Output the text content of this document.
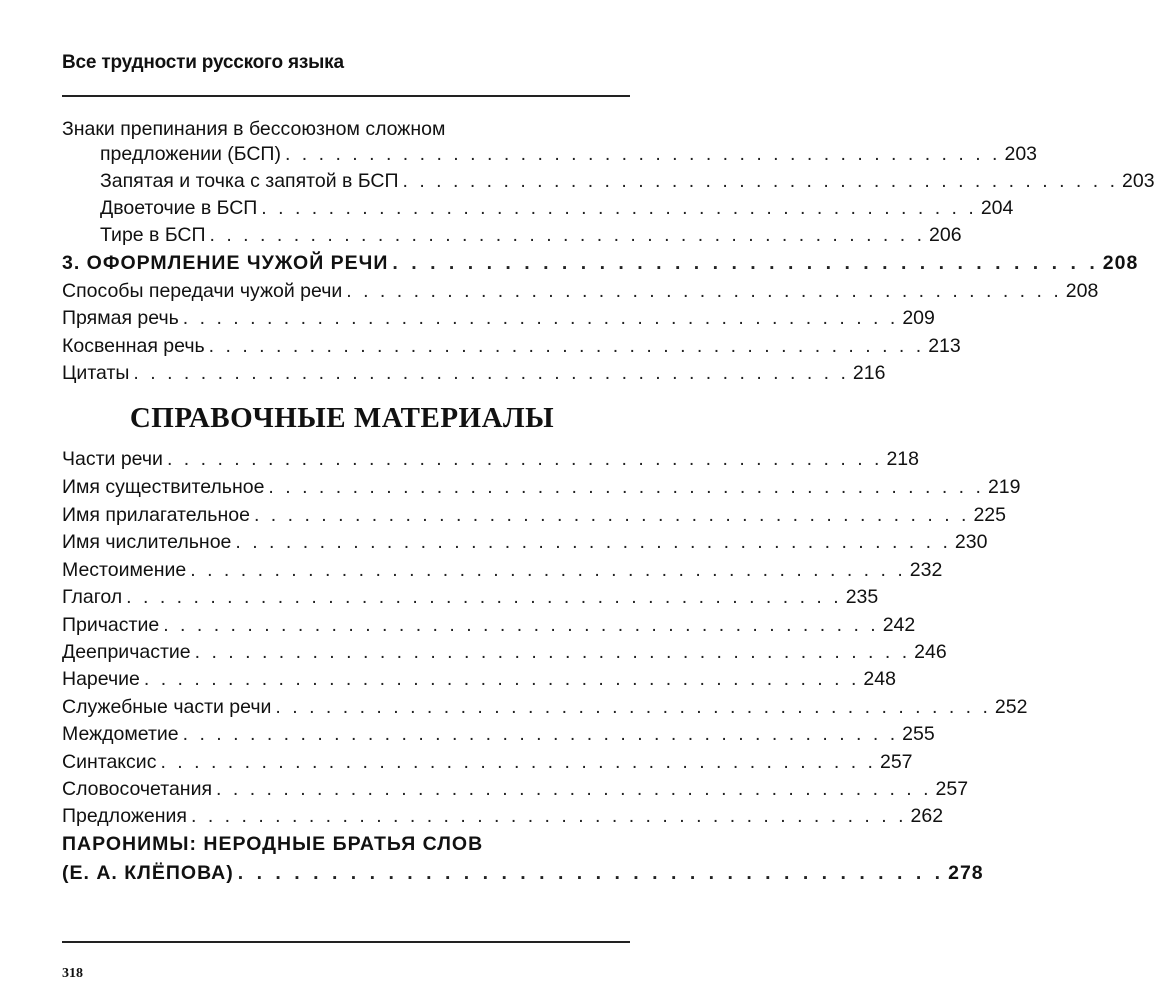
Все трудности русского языка
Знаки препинания в бессоюзном сложном
предложении (БСП) . . . . . . . . . . . . . . . . . . . . . . . . . . . . . . . . . . . . . . . . . . . 203
Запятая и точка с запятой в БСП . . . . . . . . . . . . . . . . . . . . . . . . . . . . . . . . . . . . . . . . . . . 203
Двоеточие в БСП . . . . . . . . . . . . . . . . . . . . . . . . . . . . . . . . . . . . . . . . . . . 204
Тире в БСП . . . . . . . . . . . . . . . . . . . . . . . . . . . . . . . . . . . . . . . . . . . 206
3. ОФОРМЛЕНИЕ ЧУЖОЙ РЕЧИ . . . . . . . . . . . . . . . . . . . . . . . . . . . . . . . . . . . . . . 208
Способы передачи чужой речи . . . . . . . . . . . . . . . . . . . . . . . . . . . . . . . . . . . . . . . . . . . 208
Прямая речь . . . . . . . . . . . . . . . . . . . . . . . . . . . . . . . . . . . . . . . . . . . 209
Косвенная речь . . . . . . . . . . . . . . . . . . . . . . . . . . . . . . . . . . . . . . . . . . . 213
Цитаты . . . . . . . . . . . . . . . . . . . . . . . . . . . . . . . . . . . . . . . . . . . 216
Части речи . . . . . . . . . . . . . . . . . . . . . . . . . . . . . . . . . . . . . . . . . . . 218
Имя существительное . . . . . . . . . . . . . . . . . . . . . . . . . . . . . . . . . . . . . . . . . . . 219
Имя прилагательное . . . . . . . . . . . . . . . . . . . . . . . . . . . . . . . . . . . . . . . . . . . 225
Имя числительное . . . . . . . . . . . . . . . . . . . . . . . . . . . . . . . . . . . . . . . . . . . 230
Местоимение . . . . . . . . . . . . . . . . . . . . . . . . . . . . . . . . . . . . . . . . . . . 232
Глагол . . . . . . . . . . . . . . . . . . . . . . . . . . . . . . . . . . . . . . . . . . . 235
Причастие . . . . . . . . . . . . . . . . . . . . . . . . . . . . . . . . . . . . . . . . . . . 242
Деепричастие . . . . . . . . . . . . . . . . . . . . . . . . . . . . . . . . . . . . . . . . . . . 246
Наречие . . . . . . . . . . . . . . . . . . . . . . . . . . . . . . . . . . . . . . . . . . . 248
Служебные части речи . . . . . . . . . . . . . . . . . . . . . . . . . . . . . . . . . . . . . . . . . . . 252
Междометие . . . . . . . . . . . . . . . . . . . . . . . . . . . . . . . . . . . . . . . . . . . 255
Синтаксис . . . . . . . . . . . . . . . . . . . . . . . . . . . . . . . . . . . . . . . . . . . 257
Словосочетания . . . . . . . . . . . . . . . . . . . . . . . . . . . . . . . . . . . . . . . . . . . 257
Предложения . . . . . . . . . . . . . . . . . . . . . . . . . . . . . . . . . . . . . . . . . . . 262
ПАРОНИМЫ: НЕРОДНЫЕ БРАТЬЯ СЛОВ
(Е. А. КЛЁПОВА) . . . . . . . . . . . . . . . . . . . . . . . . . . . . . . . . . . . . . . 278
СПРАВОЧНЫЕ МАТЕРИАЛЫ
318
